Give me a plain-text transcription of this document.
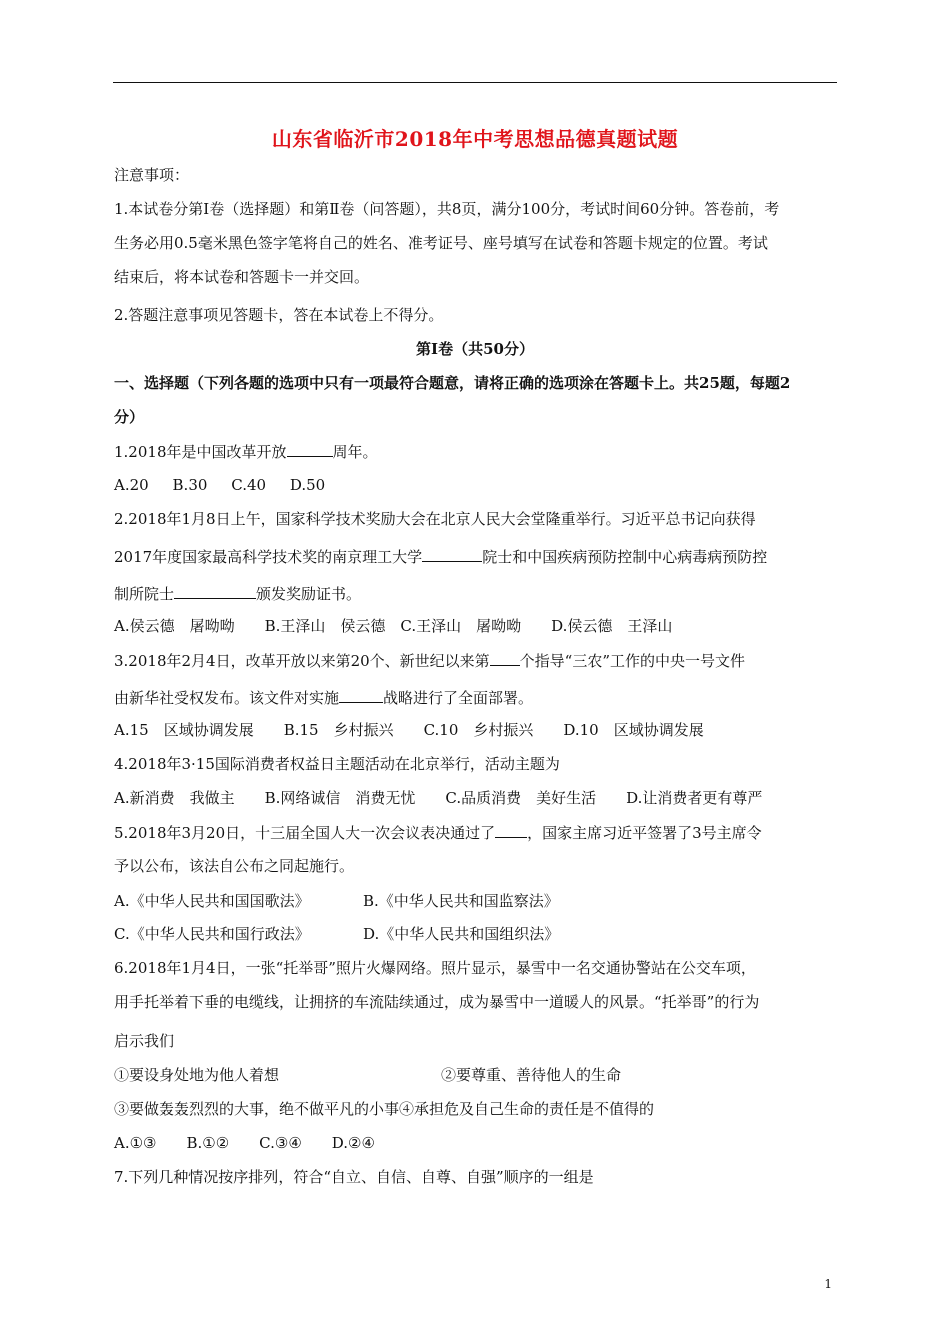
山东省临沂市2018年中考思想品德真题试题
注意事项：
1.本试卷分第Ⅰ卷（选择题）和第Ⅱ卷（问答题），共8页，满分100分，考试时间60分钟。答卷前，考
生务必用0.5毫米黑色签字笔将自己的姓名、准考证号、座号填写在试卷和答题卡规定的位置。考试
结束后，将本试卷和答题卡一并交回。
2.答题注意事项见答题卡，答在本试卷上不得分。
第Ⅰ卷（共50分）
一、选择题（下列各题的选项中只有一项最符合题意，请将正确的选项涂在答题卡上。共25题，每题2
分）
1.2018年是中国改革开放	周年。
A.20     B.30     C.40     D.50
2.2018年1月8日上午，国家科学技术奖励大会在北京人民大会堂隆重举行。习近平总书记向获得
2017年度国家最高科学技术奖的南京理工大学	院士和中国疾病预防控制中心病毒病预防控
制所院士	颁发奖励证书。
A.侯云德　屠呦呦　　B.王泽山　侯云德　C.王泽山　屠呦呦　　D.侯云德　王泽山
3.2018年2月4日，改革开放以来第20个、新世纪以来第 个指导“三农”工作的中央一号文件
由新华社受权发布。该文件对实施	战略进行了全面部署。
A.15　区域协调发展　　B.15　乡村振兴　　C.10　乡村振兴　　D.10　区域协调发展
4.2018年3·15国际消费者权益日主题活动在北京举行，活动主题为
A.新消费　我做主　　B.网络诚信　消费无忧　　C.品质消费　美好生活　　D.让消费者更有尊严
5.2018年3月20日，十三届全国人大一次会议表决通过了 ，国家主席习近平签署了3号主席令
予以公布，该法自公布之同起施行。
A.《中华人民共和国国歌法》	B.《中华人民共和国监察法》
C.《中华人民共和国行政法》	D.《中华人民共和国组织法》
6.2018年1月4日，一张“托举哥”照片火爆网络。照片显示，暴雪中一名交通协警站在公交车项，
用手托举着下垂的电缆线，让拥挤的车流陆续通过，成为暴雪中一道暖人的风景。“托举哥”的行为
启示我们
①要设身处地为他人着想	②要尊重、善待他人的生命
③要做轰轰烈烈的大事，绝不做平凡的小事④承担危及自己生命的责任是不值得的
A.①③　　B.①②　　C.③④　　D.②④
7.下列几种情况按序排列，符合“自立、自信、自尊、自强”顺序的一组是
1
